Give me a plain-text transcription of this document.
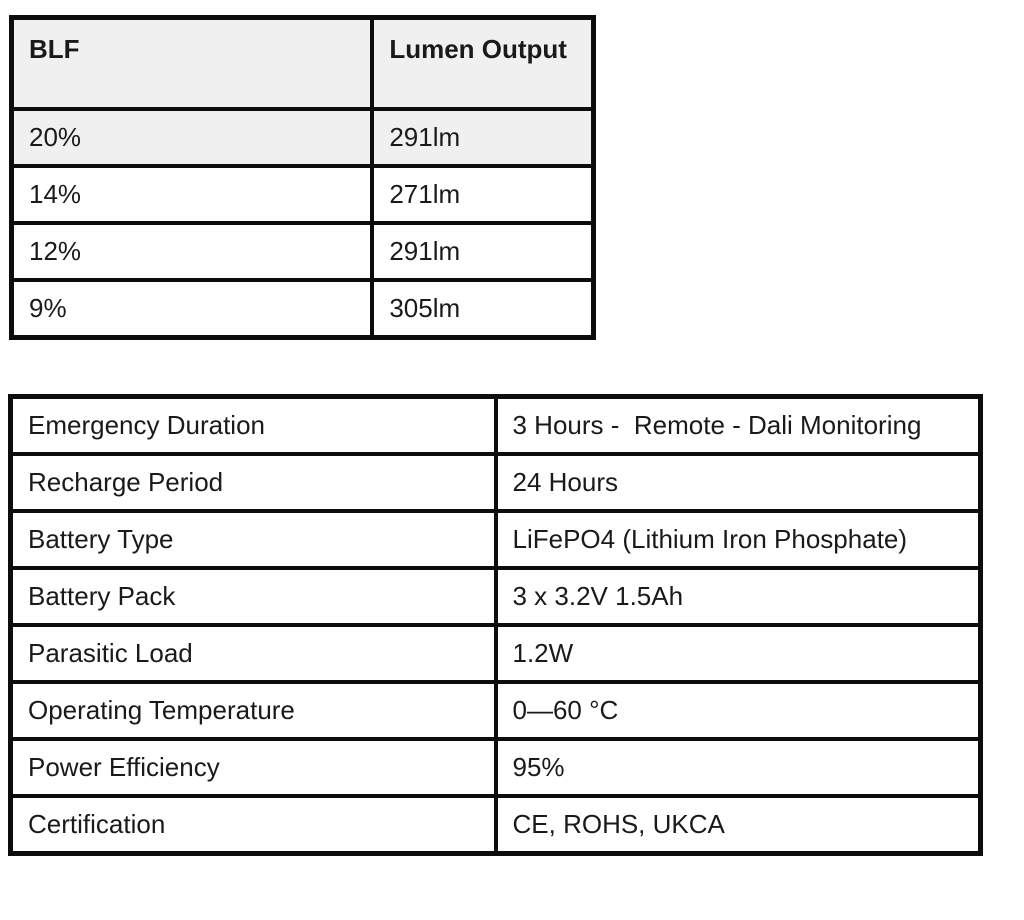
BLF	Lumen Output
20%	291lm
14%	271lm
12%	291lm
9%	305lm
Emergency Duration	3 Hours -  Remote - Dali Monitoring
Recharge Period	24 Hours
Battery Type	LiFePO4 (Lithium Iron Phosphate)
Battery Pack	3 x 3.2V 1.5Ah
Parasitic Load	1.2W
Operating Temperature	0—60 °C
Power Efficiency	95%
Certification	CE, ROHS, UKCA
